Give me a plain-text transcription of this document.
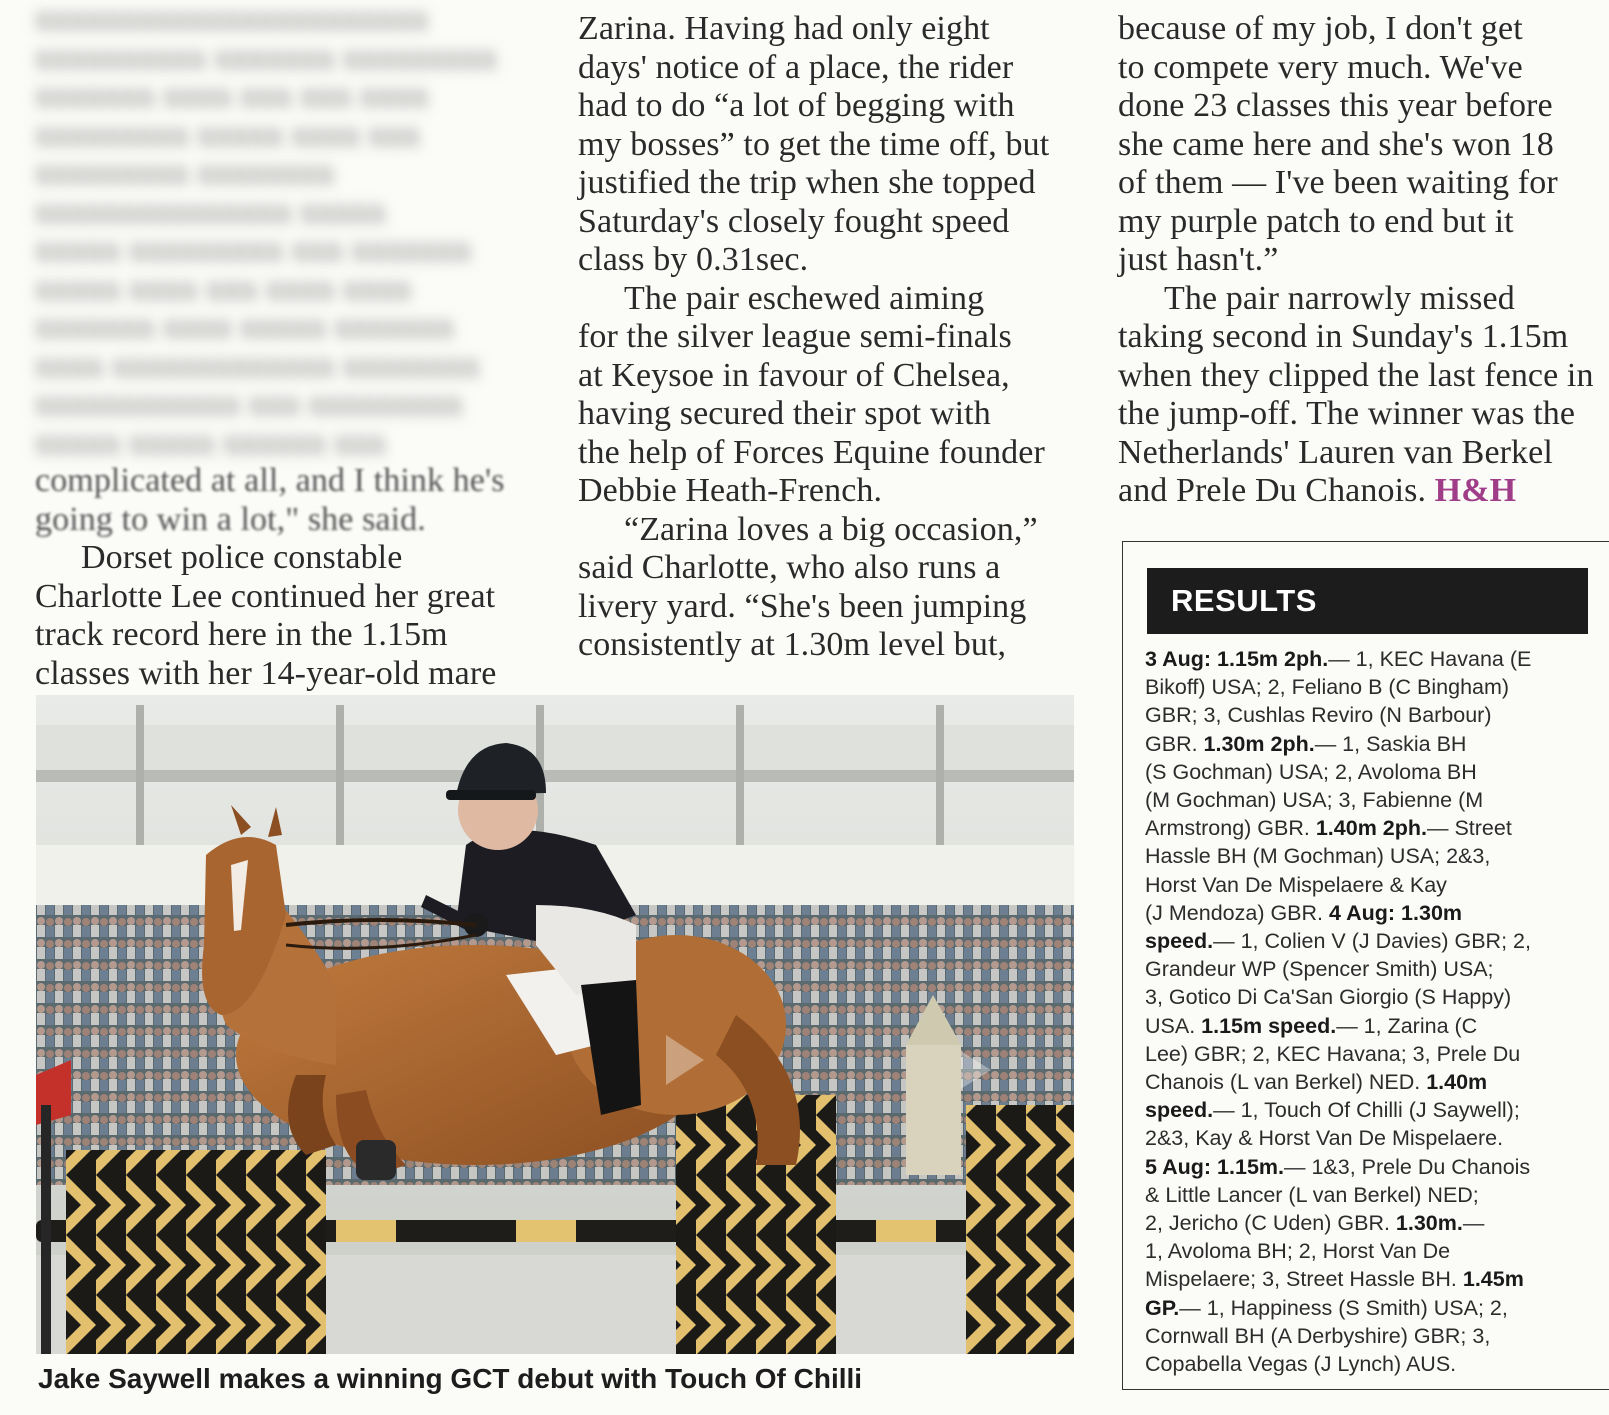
xxxxxxxxxxxxxxxxxxxxxxx

xxxxxxxxxx xxxxxxx xxxxxxxxx

xxxxxxx xxxx xxx xxx xxxx

xxxxxxxxx xxxxx xxxx xxx

xxxxxxxxx xxxxxxxx

xxxxxxxxxxxxxxx xxxxx

xxxxx xxxxxxxxx xxx xxxxxxx

xxxxx xxxx xxx xxxx xxxx

xxxxxxx xxxx xxxxx xxxxxxx

xxxx xxxxxxxxxxxxx xxxxxxxx

xxxxxxxxxxxx xxx xxxxxxxxx

xxxxx xxxxx xxxxxx xxx

complicated at all, and I think he's

going to win a lot," she said.

Dorset police constable

Charlotte Lee continued her great

track record here in the 1.15m

classes with her 14-year-old mare

Zarina. Having had only eight

days' notice of a place, the rider

had to do “a lot of begging with

my bosses” to get the time off, but

justified the trip when she topped

Saturday's closely fought speed

class by 0.31sec.

The pair eschewed aiming

for the silver league semi-finals

at Keysoe in favour of Chelsea,

having secured their spot with

the help of Forces Equine founder

Debbie Heath-French.

“Zarina loves a big occasion,”

said Charlotte, who also runs a

livery yard. “She's been jumping

consistently at 1.30m level but,

because of my job, I don't get

to compete very much. We've

done 23 classes this year before

she came here and she's won 18

of them — I've been waiting for

my purple patch to end but it

just hasn't.”

The pair narrowly missed

taking second in Sunday's 1.15m

when they clipped the last fence in

the jump-off. The winner was the

Netherlands' Lauren van Berkel

and Prele Du Chanois. H&H

Jake Saywell makes a winning GCT debut with Touch Of Chilli
RESULTS

3 Aug: 1.15m 2ph.— 1, KEC Havana (E

Bikoff) USA; 2, Feliano B (C Bingham)

GBR; 3, Cushlas Reviro (N Barbour)

GBR. 1.30m 2ph.— 1, Saskia BH

(S Gochman) USA; 2, Avoloma BH

(M Gochman) USA; 3, Fabienne (M

Armstrong) GBR. 1.40m 2ph.— Street

Hassle BH (M Gochman) USA; 2&3,

Horst Van De Mispelaere & Kay

(J Mendoza) GBR. 4 Aug: 1.30m

speed.— 1, Colien V (J Davies) GBR; 2,

Grandeur WP (Spencer Smith) USA;

3, Gotico Di Ca'San Giorgio (S Happy)

USA. 1.15m speed.— 1, Zarina (C

Lee) GBR; 2, KEC Havana; 3, Prele Du

Chanois (L van Berkel) NED. 1.40m

speed.— 1, Touch Of Chilli (J Saywell);

2&3, Kay & Horst Van De Mispelaere.

5 Aug: 1.15m.— 1&3, Prele Du Chanois

& Little Lancer (L van Berkel) NED;

2, Jericho (C Uden) GBR. 1.30m.—

1, Avoloma BH; 2, Horst Van De

Mispelaere; 3, Street Hassle BH. 1.45m

GP.— 1, Happiness (S Smith) USA; 2,

Cornwall BH (A Derbyshire) GBR; 3,

Copabella Vegas (J Lynch) AUS.
